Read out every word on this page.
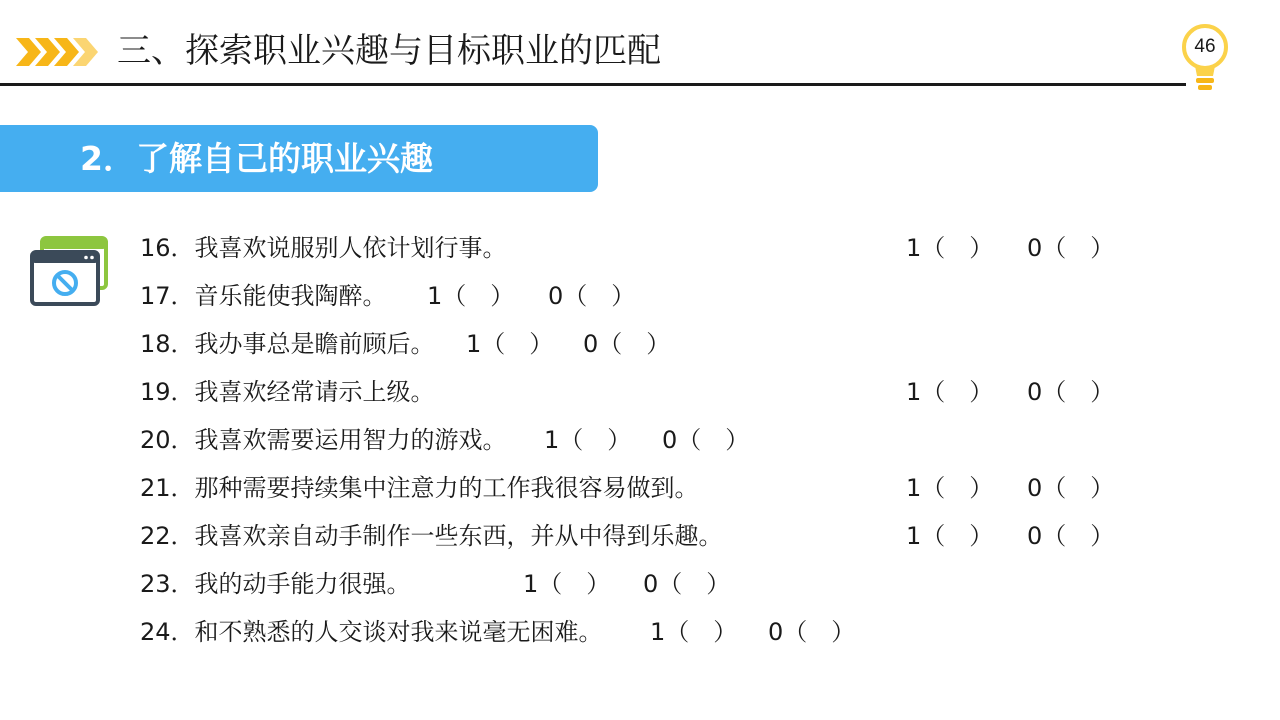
三、探索职业兴趣与目标职业的匹配	46
2．了解自己的职业兴趣
16．我喜欢说服别人依计划行事。	1（　） 0（　）
17．音乐能使我陶醉。 1（　） 0（　）
18．我办事总是瞻前顾后。 1（　） 0（　）
19．我喜欢经常请示上级。	1（　） 0（　）
20．我喜欢需要运用智力的游戏。 1（　） 0（　）
21．那种需要持续集中注意力的工作我很容易做到。	1（　） 0（　）
22．我喜欢亲自动手制作一些东西，并从中得到乐趣。	1（　） 0（　）
23．我的动手能力很强。	1（　） 0（　）
24．和不熟悉的人交谈对我来说毫无困难。 1（　） 0（　）
